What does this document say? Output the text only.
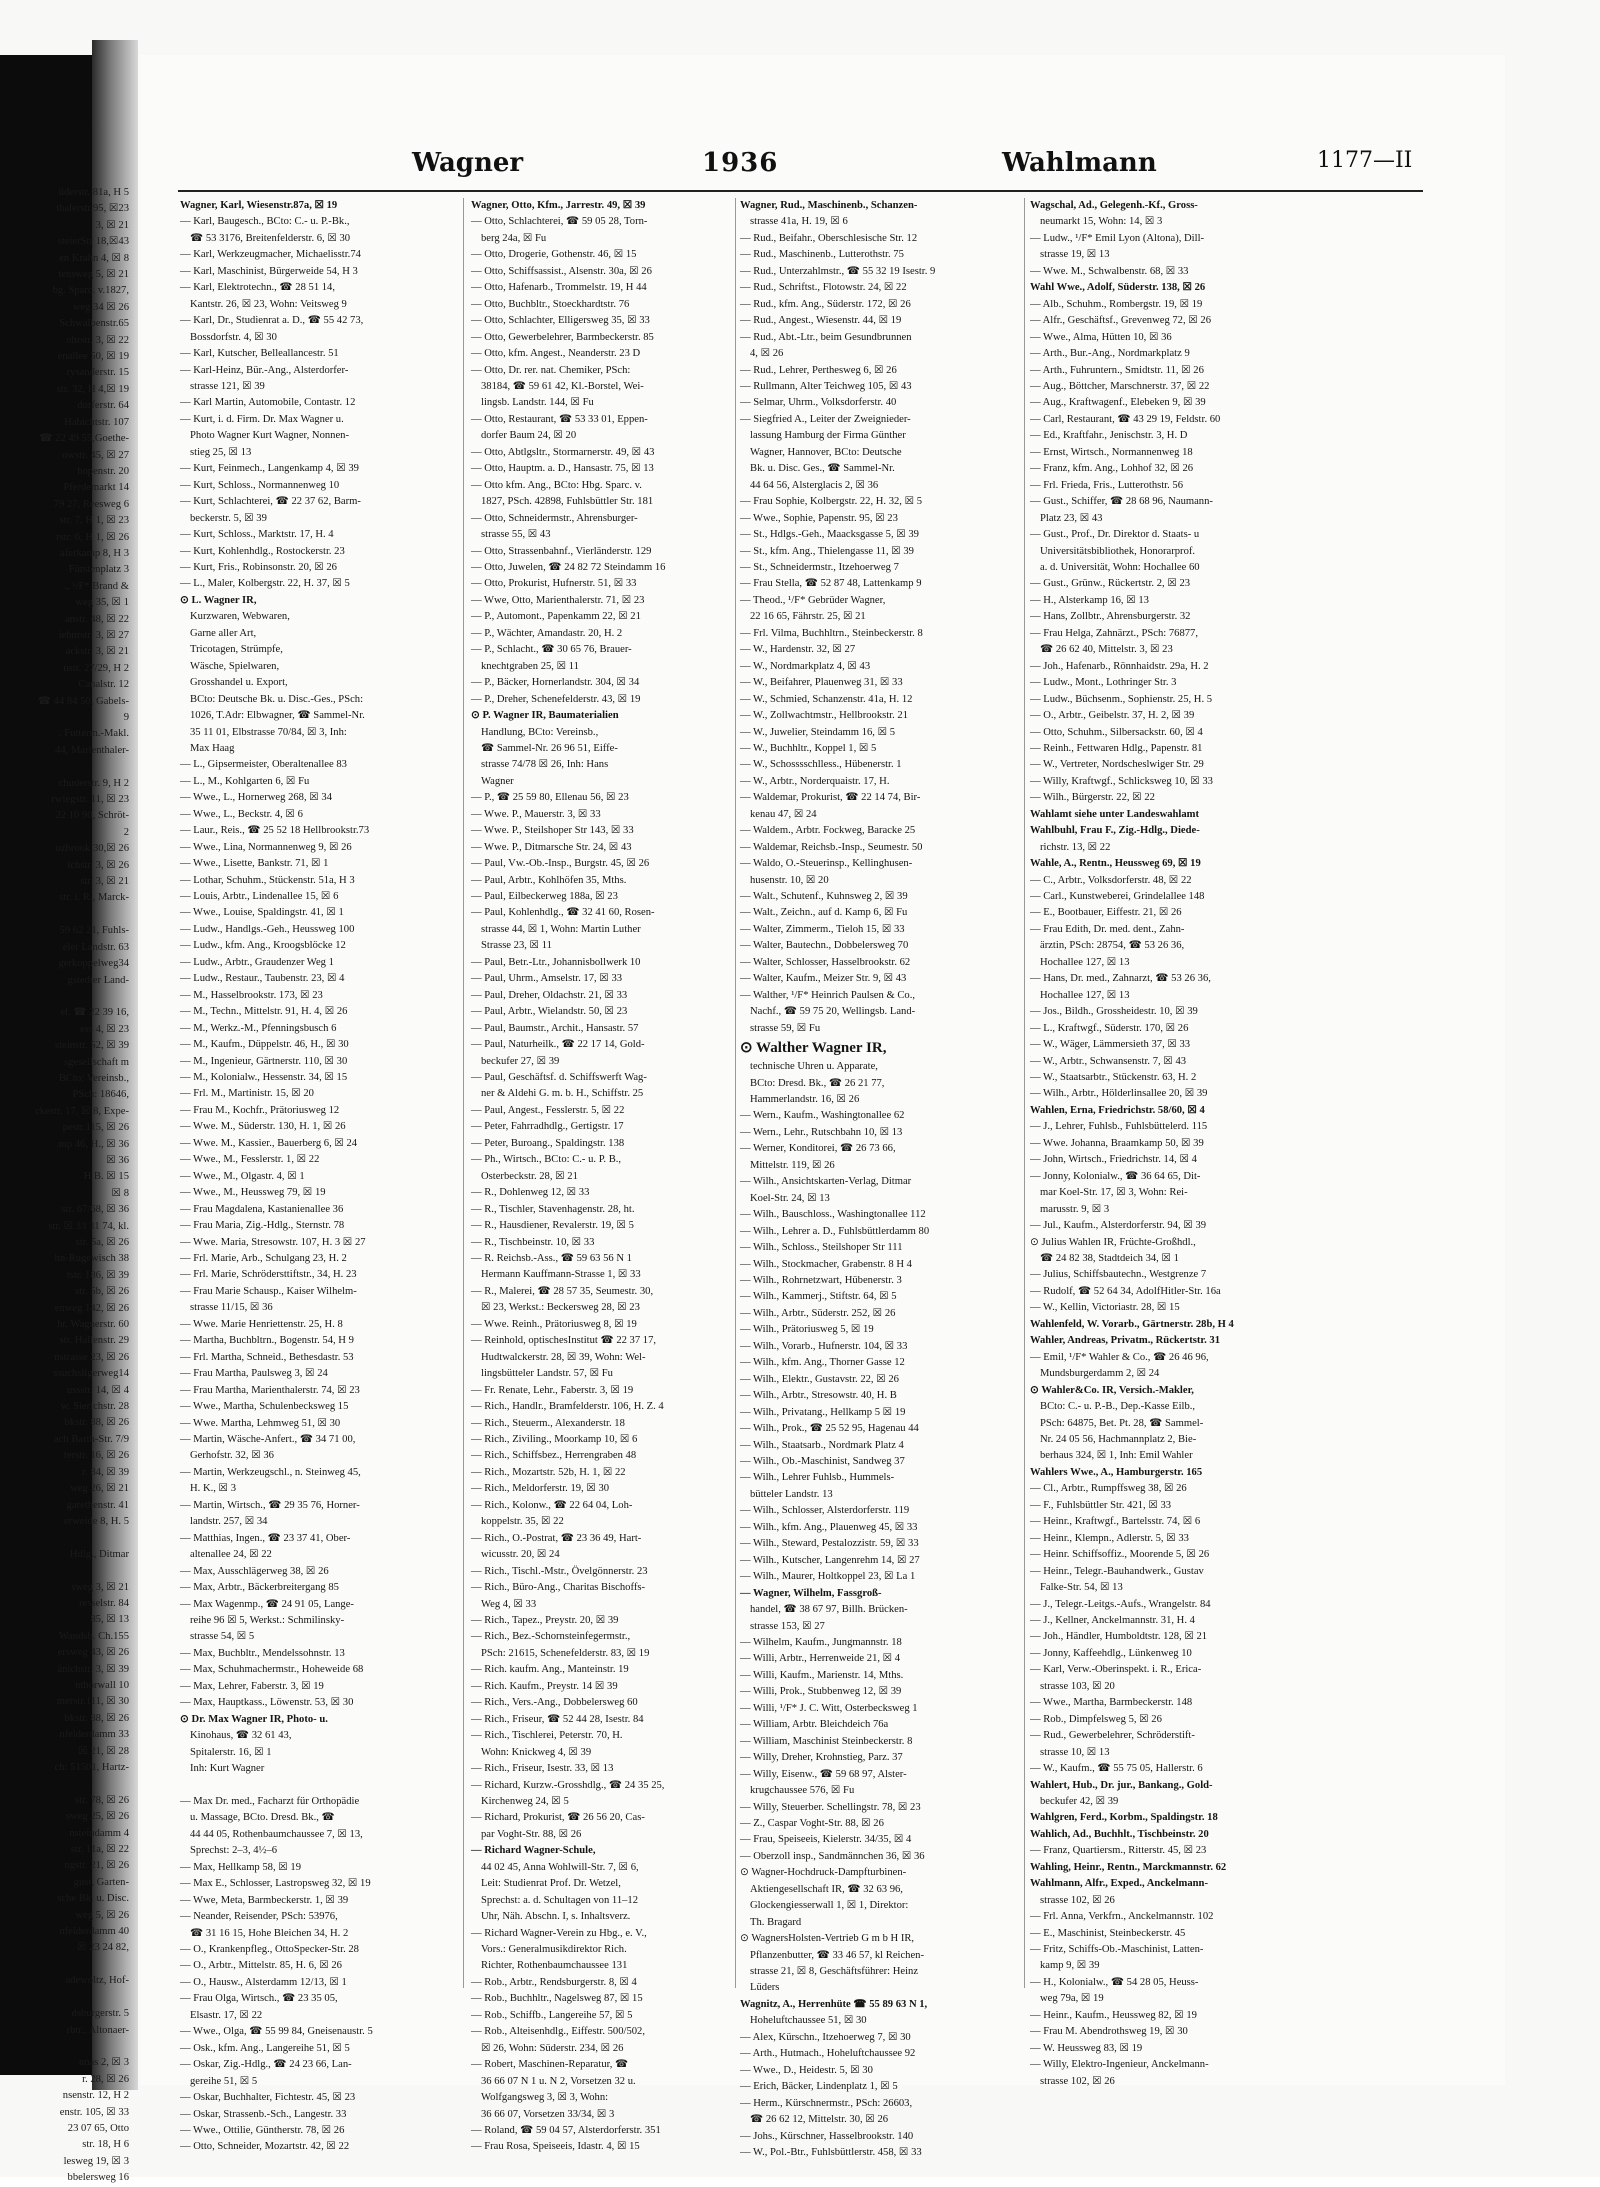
üderstr. 81a, H 5
thalerstr.95, ☒23
3, ☒ 21
steierStr 18,☒43
en Krahn 4, ☒ 8
tensweg 5, ☒ 21
bg. Sparc. v.1827,
weg 34 ☒ 26
Schwalbenstr.65
ohrstr. 3, ☒ 22
enallee 50, ☒ 19
rysanderstr. 15
str. 32, H 4,☒ 19
dorferstr. 64
Habichtstr. 107
☎ 22 49 55,Goethe-
owstr. 45, ☒ 27
hopenstr. 20
Pferdemarkt 14
79 27, Reesweg 6
str. 7, H 1, ☒ 23
rstr. 6, H 1, ☒ 26
aferkamp 8, H 3
Fürstenplatz 3
., ¹/F* Brand &
weg 35, ☒ 1
anstr. 48, ☒ 22
ieburstr. 3, ☒ 27
ackstr. 3, ☒ 21
nstr. 27/29, H 2
Canalstr. 12
☎ 44 84 50, Gabels-
9
. Futterm.-Makl.
44, Marienthaler-

chuderstr. 9, H 2
rwiegstr. 11, ☒ 23
22 10 90, Schröt-
2
uzbrook 30,☒ 26
ichstr. 3, ☒ 26
str. 3, ☒ 21
str. i. R., Marck-

59 62 21, Fuhls-
eler Landstr. 63
gerkoppelweg34
gstedter Land-

el. ☎ 22 39 16,
ess 4, ☒ 23
steinstr. 52, ☒ 39
sgesellschaft m
BCto: Vereinsb.,
PSch: 18646,
ckestr. 17, ☒ 8, Expe-
pestr.115, ☒ 26
mp 46, H., ☒ 36
☒ 36
H B. ☒ 15
☒ 8
str. 67/68, ☒ 36
str. ☒ 33 31 74, kl.
str. 5a, ☒ 26
hn-Rugewisch 38
tstr. 186, ☒ 39
str. 5b, ☒ 26
enweg 142, ☒ 26
hr. Wagnerstr. 60
str. Hallenstr. 29
nstrasse 23, ☒ 26
ssuchsligerweg14
ussstr. 14, ☒ 4
w. Sierichstr. 28
bkstr. 88, ☒ 26
ach Barth-Str. 7/9
terstr. 16, ☒ 26
r. 84, ☒ 39
weg 26, ☒ 21
garethenstr. 41
erweide 8, H. 5

Hdlg., Ditmar

sweg 3, ☒ 21
resselstr. 84
85, ☒ 13
Wandsb. Ch.155
ersweg 43, ☒ 26
änichstr. 3, ☒ 39
nthorwall 10
merstr.111, ☒ 30
bkstr. 88, ☒ 26
nfelderdamm 33
☒ 21, ☒ 28
ch: 51501, Hartz-

str. 78, ☒ 26
sweg 25, ☒ 26
nsteindamm 4
str. 11a, ☒ 22
ngstr. 21, ☒ 26
gust, Garten-
sche Bk. u. Disc.
weg 5, ☒ 26
nfelderdamm 40
☒ 23 24 82,

adewoltz, Hof-

dsburgerstr. 5
rbtr., Altonaer-

nnas 2, ☒ 3
r. 28, ☒ 26
nsenstr. 12, H 2
enstr. 105, ☒ 33
23 07 65, Otto
str. 18, H 6
lesweg 19, ☒ 3
bbelersweg 16
Wagner	1936	Wahlmann	1177—II
Wagner, Karl, Wiesenstr.87a, ☒ 19
— Karl, Baugesch., BCto: C.- u. P.-Bk.,
☎ 53 3176, Breitenfelderstr. 6, ☒ 30
— Karl, Werkzeugmacher, Michaelisstr.74
— Karl, Maschinist, Bürgerweide 54, H 3
— Karl, Elektrotechn., ☎ 28 51 14,
Kantstr. 26, ☒ 23, Wohn: Veitsweg 9
— Karl, Dr., Studienrat a. D., ☎ 55 42 73,
Bossdorfstr. 4, ☒ 30
— Karl, Kutscher, Belleallancestr. 51
— Karl-Heinz, Bür.-Ang., Alsterdorfer-
strasse 121, ☒ 39
— Karl Martin, Automobile, Contastr. 12
— Kurt, i. d. Firm. Dr. Max Wagner u.
Photo Wagner Kurt Wagner, Nonnen-
stieg 25, ☒ 13
— Kurt, Feinmech., Langenkamp 4, ☒ 39
— Kurt, Schloss., Normannenweg 10
— Kurt, Schlachterei, ☎ 22 37 62, Barm-
beckerstr. 5, ☒ 39
— Kurt, Schloss., Marktstr. 17, H. 4
— Kurt, Kohlenhdlg., Rostockerstr. 23
— Kurt, Fris., Robinsonstr. 20, ☒ 26
— L., Maler, Kolbergstr. 22, H. 37, ☒ 5
⊙ L. Wagner IR,
Kurzwaren, Webwaren,
Garne aller Art,
Tricotagen, Strümpfe,
Wäsche, Spielwaren,
Grosshandel u. Export,
BCto: Deutsche Bk. u. Disc.-Ges., PSch:
1026, T.Adr: Elbwagner, ☎ Sammel-Nr.
35 11 01, Elbstrasse 70/84, ☒ 3, Inh:
Max Haag
— L., Gipsermeister, Oberaltenallee 83
— L., M., Kohlgarten 6, ☒ Fu
— Wwe., L., Hornerweg 268, ☒ 34
— Wwe., L., Beckstr. 4, ☒ 6
— Laur., Reis., ☎ 25 52 18 Hellbrookstr.73
— Wwe., Lina, Normannenweg 9, ☒ 26
— Wwe., Lisette, Bankstr. 71, ☒ 1
— Lothar, Schuhm., Stückenstr. 51a, H 3
— Louis, Arbtr., Lindenallee 15, ☒ 6
— Wwe., Louise, Spaldingstr. 41, ☒ 1
— Ludw., Handlgs.-Geh., Heussweg 100
— Ludw., kfm. Ang., Kroogsblöcke 12
— Ludw., Arbtr., Graudenzer Weg 1
— Ludw., Restaur., Taubenstr. 23, ☒ 4
— M., Hasselbrookstr. 173, ☒ 23
— M., Techn., Mittelstr. 91, H. 4, ☒ 26
— M., Werkz.-M., Pfenningsbusch 6
— M., Kaufm., Düppelstr. 46, H., ☒ 30
— M., Ingenieur, Gärtnerstr. 110, ☒ 30
— M., Kolonialw., Hessenstr. 34, ☒ 15
— Frl. M., Martinistr. 15, ☒ 20
— Frau M., Kochfr., Prätoriusweg 12
— Wwe. M., Süderstr. 130, H. 1, ☒ 26
— Wwe. M., Kassier., Bauerberg 6, ☒ 24
— Wwe., M., Fesslerstr. 1, ☒ 22
— Wwe., M., Olgastr. 4, ☒ 1
— Wwe., M., Heussweg 79, ☒ 19
— Frau Magdalena, Kastanienallee 36
— Frau Maria, Zig.-Hdlg., Sternstr. 78
— Wwe. Maria, Stresowstr. 107, H. 3 ☒ 27
— Frl. Marie, Arb., Schulgang 23, H. 2
— Frl. Marie, Schrödersttiftstr., 34, H. 23
— Frau Marie Schausp., Kaiser Wilhelm-
strasse 11/15, ☒ 36
— Wwe. Marie Henriettenstr. 25, H. 8
— Martha, Buchbltrn., Bogenstr. 54, H 9
— Frl. Martha, Schneid., Bethesdastr. 53
— Frau Martha, Paulsweg 3, ☒ 24
— Frau Martha, Marienthalerstr. 74, ☒ 23
— Wwe., Martha, Schulenbecksweg 15
— Wwe. Martha, Lehmweg 51, ☒ 30
— Martin, Wäsche-Anfert., ☎ 34 71 00,
Gerhofstr. 32, ☒ 36
— Martin, Werkzeugschl., n. Steinweg 45,
H. K., ☒ 3
— Martin, Wirtsch., ☎ 29 35 76, Horner-
landstr. 257, ☒ 34
— Matthias, Ingen., ☎ 23 37 41, Ober-
altenallee 24, ☒ 22
— Max, Ausschlägerweg 38, ☒ 26
— Max, Arbtr., Bäckerbreitergang 85
— Max Wagenmp., ☎ 24 91 05, Lange-
reihe 96 ☒ 5, Werkst.: Schmilinsky-
strasse 54, ☒ 5
— Max, Buchbltr., Mendelssohnstr. 13
— Max, Schuhmachermstr., Hoheweide 68
— Max, Lehrer, Faberstr. 3, ☒ 19
— Max, Hauptkass., Löwenstr. 53, ☒ 30
⊙ Dr. Max Wagner IR, Photo- u.
Kinohaus, ☎ 32 61 43,
Spitalerstr. 16, ☒ 1
Inh: Kurt Wagner

— Max Dr. med., Facharzt für Orthopädie
u. Massage, BCto. Dresd. Bk., ☎
44 44 05, Rothenbaumchaussee 7, ☒ 13,
Sprechst: 2–3, 4½–6
— Max, Hellkamp 58, ☒ 19
— Max E., Schlosser, Lastropsweg 32, ☒ 19
— Wwe, Meta, Barmbeckerstr. 1, ☒ 39
— Neander, Reisender, PSch: 53976,
☎ 31 16 15, Hohe Bleichen 34, H. 2
— O., Krankenpfleg., OttoSpecker-Str. 28
— O., Arbtr., Mittelstr. 85, H. 6, ☒ 26
— O., Hausw., Alsterdamm 12/13, ☒ 1
— Frau Olga, Wirtsch., ☎ 23 35 05,
Elsastr. 17, ☒ 22
— Wwe., Olga, ☎ 55 99 84, Gneisenaustr. 5
— Osk., kfm. Ang., Langereihe 51, ☒ 5
— Oskar, Zig.-Hdlg., ☎ 24 23 66, Lan-
gereihe 51, ☒ 5
— Oskar, Buchhalter, Fichtestr. 45, ☒ 23
— Oskar, Strassenb.-Sch., Langestr. 33
— Wwe., Ottilie, Güntherstr. 78, ☒ 26
— Otto, Schneider, Mozartstr. 42, ☒ 22
Wagner, Otto, Kfm., Jarrestr. 49, ☒ 39
— Otto, Schlachterei, ☎ 59 05 28, Torn-
berg 24a, ☒ Fu
— Otto, Drogerie, Gothenstr. 46, ☒ 15
— Otto, Schiffsassist., Alsenstr. 30a, ☒ 26
— Otto, Hafenarb., Trommelstr. 19, H 44
— Otto, Buchbltr., Stoeckhardtstr. 76
— Otto, Schlachter, Elligersweg 35, ☒ 33
— Otto, Gewerbelehrer, Barmbeckerstr. 85
— Otto, kfm. Angest., Neanderstr. 23 D
— Otto, Dr. rer. nat. Chemiker, PSch:
38184, ☎ 59 61 42, Kl.-Borstel, Wei-
lingsb. Landstr. 144, ☒ Fu
— Otto, Restaurant, ☎ 53 33 01, Eppen-
dorfer Baum 24, ☒ 20
— Otto, Abtlgsltr., Stormarnerstr. 49, ☒ 43
— Otto, Hauptm. a. D., Hansastr. 75, ☒ 13
— Otto kfm. Ang., BCto: Hbg. Sparc. v.
1827, PSch. 42898, Fuhlsbüttler Str. 181
— Otto, Schneidermstr., Ahrensburger-
strasse 55, ☒ 43
— Otto, Strassenbahnf., Vierländerstr. 129
— Otto, Juwelen, ☎ 24 82 72 Steindamm 16
— Otto, Prokurist, Hufnerstr. 51, ☒ 33
— Wwe, Otto, Marienthalerstr. 71, ☒ 23
— P., Automont., Papenkamm 22, ☒ 21
— P., Wächter, Amandastr. 20, H. 2
— P., Schlacht., ☎ 30 65 76, Brauer-
knechtgraben 25, ☒ 11
— P., Bäcker, Hornerlandstr. 304, ☒ 34
— P., Dreher, Schenefelderstr. 43, ☒ 19
⊙ P. Wagner IR, Baumaterialien
Handlung, BCto: Vereinsb.,
☎ Sammel-Nr. 26 96 51, Eiffe-
strasse 74/78 ☒ 26, Inh: Hans
Wagner
— P., ☎ 25 59 80, Ellenau 56, ☒ 23
— Wwe. P., Mauerstr. 3, ☒ 33
— Wwe. P., Steilshoper Str 143, ☒ 33
— Wwe. P., Ditmarsche Str. 24, ☒ 43
— Paul, Vw.-Ob.-Insp., Burgstr. 45, ☒ 26
— Paul, Arbtr., Kohlhöfen 35, Mths.
— Paul, Eilbeckerweg 188a, ☒ 23
— Paul, Kohlenhdlg., ☎ 32 41 60, Rosen-
strasse 44, ☒ 1, Wohn: Martin Luther
Strasse 23, ☒ 11
— Paul, Betr.-Ltr., Johannisbollwerk 10
— Paul, Uhrm., Amselstr. 17, ☒ 33
— Paul, Dreher, Oldachstr. 21, ☒ 33
— Paul, Arbtr., Wielandstr. 50, ☒ 23
— Paul, Baumstr., Archit., Hansastr. 57
— Paul, Naturheilk., ☎ 22 17 14, Gold-
beckufer 27, ☒ 39
— Paul, Geschäftsf. d. Schiffswerft Wag-
ner & Aldehi G. m. b. H., Schiffstr. 25
— Paul, Angest., Fesslerstr. 5, ☒ 22
— Peter, Fahrradhdlg., Gertigstr. 17
— Peter, Buroang., Spaldingstr. 138
— Ph., Wirtsch., BCto: C.- u. P. B.,
Osterbeckstr. 28, ☒ 21
— R., Dohlenweg 12, ☒ 33
— R., Tischler, Stavenhagenstr. 28, ht.
— R., Hausdiener, Revalerstr. 19, ☒ 5
— R., Tischbeinstr. 10, ☒ 33
— R. Reichsb.-Ass., ☎ 59 63 56 N 1
Hermann Kauffmann-Strasse 1, ☒ 33
— R., Malerei, ☎ 28 57 35, Seumestr. 30,
☒ 23, Werkst.: Beckersweg 28, ☒ 23
— Wwe. Reinh., Prätoriusweg 8, ☒ 19
— Reinhold, optischesInstitut ☎ 22 37 17,
Hudtwalckerstr. 28, ☒ 39, Wohn: Wel-
lingsbütteler Landstr. 57, ☒ Fu
— Fr. Renate, Lehr., Faberstr. 3, ☒ 19
— Rich., Handlr., Bramfelderstr. 106, H. Z. 4
— Rich., Steuerm., Alexanderstr. 18
— Rich., Ziviling., Moorkamp 10, ☒ 6
— Rich., Schiffsbez., Herrengraben 48
— Rich., Mozartstr. 52b, H. 1, ☒ 22
— Rich., Meldorferstr. 19, ☒ 30
— Rich., Kolonw., ☎ 22 64 04, Loh-
koppelstr. 35, ☒ 22
— Rich., O.-Postrat, ☎ 23 36 49, Hart-
wicusstr. 20, ☒ 24
— Rich., Tischl.-Mstr., Övelgönnerstr. 23
— Rich., Büro-Ang., Charitas Bischoffs-
Weg 4, ☒ 33
— Rich., Tapez., Preystr. 20, ☒ 39
— Rich., Bez.-Schornsteinfegermstr.,
PSch: 21615, Schenefelderstr. 83, ☒ 19
— Rich. kaufm. Ang., Manteinstr. 19
— Rich. Kaufm., Preystr. 14 ☒ 39
— Rich., Vers.-Ang., Dobbelersweg 60
— Rich., Friseur, ☎ 52 44 28, Isestr. 84
— Rich., Tischlerei, Peterstr. 70, H.
Wohn: Knickweg 4, ☒ 39
— Rich., Friseur, Isestr. 33, ☒ 13
— Richard, Kurzw.-Grosshdlg., ☎ 24 35 25,
Kirchenweg 24, ☒ 5
— Richard, Prokurist, ☎ 26 56 20, Cas-
par Voght-Str. 88, ☒ 26
— Richard Wagner-Schule,
44 02 45, Anna Wohlwill-Str. 7, ☒ 6,
Leit: Studienrat Prof. Dr. Wetzel,
Sprechst: a. d. Schultagen von 11–12
Uhr, Näh. Abschn. I, s. Inhaltsverz.
— Richard Wagner-Verein zu Hbg., e. V.,
Vors.: Generalmusikdirektor Rich.
Richter, Rothenbaumchaussee 131
— Rob., Arbtr., Rendsburgerstr. 8, ☒ 4
— Rob., Buchhltr., Nagelsweg 87, ☒ 15
— Rob., Schiffb., Langereihe 57, ☒ 5
— Rob., Alteisenhdlg., Eiffestr. 500/502,
☒ 26, Wohn: Süderstr. 234, ☒ 26
— Robert, Maschinen-Reparatur, ☎
36 66 07 N 1 u. N 2, Vorsetzen 32 u.
Wolfgangsweg 3, ☒ 3, Wohn:
36 66 07, Vorsetzen 33/34, ☒ 3
— Roland, ☎ 59 04 57, Alsterdorferstr. 351
— Frau Rosa, Speiseeis, Idastr. 4, ☒ 15
Wagner, Rud., Maschinenb., Schanzen-
strasse 41a, H. 19, ☒ 6
— Rud., Beifahr., Oberschlesische Str. 12
— Rud., Maschinenb., Lutterothstr. 75
— Rud., Unterzahlmstr., ☎ 55 32 19 Isestr. 9
— Rud., Schriftst., Flotowstr. 24, ☒ 22
— Rud., kfm. Ang., Süderstr. 172, ☒ 26
— Rud., Angest., Wiesenstr. 44, ☒ 19
— Rud., Abt.-Ltr., beim Gesundbrunnen
4, ☒ 26
— Rud., Lehrer, Perthesweg 6, ☒ 26
— Rullmann, Alter Teichweg 105, ☒ 43
— Selmar, Uhrm., Volksdorferstr. 40
— Siegfried A., Leiter der Zweignieder-
lassung Hamburg der Firma Günther
Wagner, Hannover, BCto: Deutsche
Bk. u. Disc. Ges., ☎ Sammel-Nr.
44 64 56, Alsterglacis 2, ☒ 36
— Frau Sophie, Kolbergstr. 22, H. 32, ☒ 5
— Wwe., Sophie, Papenstr. 95, ☒ 23
— St., Hdlgs.-Geh., Maacksgasse 5, ☒ 39
— St., kfm. Ang., Thielengasse 11, ☒ 39
— St., Schneidermstr., Itzehoerweg 7
— Frau Stella, ☎ 52 87 48, Lattenkamp 9
— Theod., ¹/F* Gebrüder Wagner,
22 16 65, Fährstr. 25, ☒ 21
— Frl. Vilma, Buchhltrn., Steinbeckerstr. 8
— W., Hardenstr. 32, ☒ 27
— W., Nordmarkplatz 4, ☒ 43
— W., Beifahrer, Plauenweg 31, ☒ 33
— W., Schmied, Schanzenstr. 41a, H. 12
— W., Zollwachtmstr., Hellbrookstr. 21
— W., Juwelier, Steindamm 16, ☒ 5
— W., Buchhltr., Koppel 1, ☒ 5
— W., Schosssschlless., Hübenerstr. 1
— W., Arbtr., Norderquaistr. 17, H.
— Waldemar, Prokurist, ☎ 22 14 74, Bir-
kenau 47, ☒ 24
— Waldem., Arbtr. Fockweg, Baracke 25
— Waldemar, Reichsb.-Insp., Seumestr. 50
— Waldo, O.-Steuerinsp., Kellinghusen-
husenstr. 10, ☒ 20
— Walt., Schutenf., Kuhnsweg 2, ☒ 39
— Walt., Zeichn., auf d. Kamp 6, ☒ Fu
— Walter, Zimmerm., Tieloh 15, ☒ 33
— Walter, Bautechn., Dobbelersweg 70
— Walter, Schlosser, Hasselbrookstr. 62
— Walter, Kaufm., Meizer Str. 9, ☒ 43
— Walther, ¹/F* Heinrich Paulsen & Co.,
Nachf., ☎ 59 75 20, Wellingsb. Land-
strasse 59, ☒ Fu
⊙ Walther Wagner IR,
technische Uhren u. Apparate,
BCto: Dresd. Bk., ☎ 26 21 77,
Hammerlandstr. 16, ☒ 26
— Wern., Kaufm., Washingtonallee 62
— Wern., Lehr., Rutschbahn 10, ☒ 13
— Werner, Konditorei, ☎ 26 73 66,
Mittelstr. 119, ☒ 26
— Wilh., Ansichtskarten-Verlag, Ditmar
Koel-Str. 24, ☒ 13
— Wilh., Bauschloss., Washingtonallee 112
— Wilh., Lehrer a. D., Fuhlsbüttlerdamm 80
— Wilh., Schloss., Steilshoper Str 111
— Wilh., Stockmacher, Grabenstr. 8 H 4
— Wilh., Rohrnetzwart, Hübenerstr. 3
— Wilh., Kammerj., Stiftstr. 64, ☒ 5
— Wilh., Arbtr., Süderstr. 252, ☒ 26
— Wilh., Prätoriusweg 5, ☒ 19
— Wilh., Vorarb., Hufnerstr. 104, ☒ 33
— Wilh., kfm. Ang., Thorner Gasse 12
— Wilh., Elektr., Gustavstr. 22, ☒ 26
— Wilh., Arbtr., Stresowstr. 40, H. B
— Wilh., Privatang., Hellkamp 5 ☒ 19
— Wilh., Prok., ☎ 25 52 95, Hagenau 44
— Wilh., Staatsarb., Nordmark Platz 4
— Wilh., Ob.-Maschinist, Sandweg 37
— Wilh., Lehrer Fuhlsb., Hummels-
bütteler Landstr. 13
— Wilh., Schlosser, Alsterdorferstr. 119
— Wilh., kfm. Ang., Plauenweg 45, ☒ 33
— Wilh., Steward, Pestalozzistr. 59, ☒ 33
— Wilh., Kutscher, Langenrehm 14, ☒ 27
— Wilh., Maurer, Holtkoppel 23, ☒ La 1
— Wagner, Wilhelm, Fassgroß-
handel, ☎ 38 67 97, Billh. Brücken-
strasse 153, ☒ 27
— Wilhelm, Kaufm., Jungmannstr. 18
— Willi, Arbtr., Herrenweide 21, ☒ 4
— Willi, Kaufm., Marienstr. 14, Mths.
— Willi, Prok., Stubbenweg 12, ☒ 39
— Willi, ¹/F* J. C. Witt, Osterbecksweg 1
— William, Arbtr. Bleichdeich 76a
— William, Maschinist Steinbeckerstr. 8
— Willy, Dreher, Krohnstieg, Parz. 37
— Willy, Eisenw., ☎ 59 68 97, Alster-
krugchaussee 576, ☒ Fu
— Willy, Steuerber. Schellingstr. 78, ☒ 23
— Z., Caspar Voght-Str. 88, ☒ 26
— Frau, Speiseeis, Kielerstr. 34/35, ☒ 4
— Oberzoll insp., Sandmännchen 36, ☒ 36
⊙ Wagner-Hochdruck-Dampfturbinen-
Aktiengesellschaft IR, ☎ 32 63 96,
Glockengiesserwall 1, ☒ 1, Direktor:
Th. Bragard
⊙ WagnersHolsten-Vertrieb G m b H IR,
Pflanzenbutter, ☎ 33 46 57, kl Reichen-
strasse 21, ☒ 8, Geschäftsführer: Heinz
Lüders
Wagnitz, A., Herrenhüte ☎ 55 89 63 N 1,
Hoheluftchaussee 51, ☒ 30
— Alex, Kürschn., Itzehoerweg 7, ☒ 30
— Arth., Hutmach., Hoheluftchaussee 92
— Wwe., D., Heidestr. 5, ☒ 30
— Erich, Bäcker, Lindenplatz 1, ☒ 5
— Herm., Kürschnermstr., PSch: 26603,
☎ 26 62 12, Mittelstr. 30, ☒ 26
— Johs., Kürschner, Hasselbrookstr. 140
— W., Pol.-Btr., Fuhlsbüttlerstr. 458, ☒ 33
Wagschal, Ad., Gelegenh.-Kf., Gross-
neumarkt 15, Wohn: 14, ☒ 3
— Ludw., ¹/F* Emil Lyon (Altona), Dill-
strasse 19, ☒ 13
— Wwe. M., Schwalbenstr. 68, ☒ 33
Wahl Wwe., Adolf, Süderstr. 138, ☒ 26
— Alb., Schuhm., Rombergstr. 19, ☒ 19
— Alfr., Geschäftsf., Grevenweg 72, ☒ 26
— Wwe., Alma, Hütten 10, ☒ 36
— Arth., Bur.-Ang., Nordmarkplatz 9
— Arth., Fuhruntern., Smidtstr. 11, ☒ 26
— Aug., Böttcher, Marschnerstr. 37, ☒ 22
— Aug., Kraftwagenf., Elebeken 9, ☒ 39
— Carl, Restaurant, ☎ 43 29 19, Feldstr. 60
— Ed., Kraftfahr., Jenischstr. 3, H. D
— Ernst, Wirtsch., Normannenweg 18
— Franz, kfm. Ang., Lohhof 32, ☒ 26
— Frl. Frieda, Fris., Lutterothstr. 56
— Gust., Schiffer, ☎ 28 68 96, Naumann-
Platz 23, ☒ 43
— Gust., Prof., Dr. Direktor d. Staats- u
Universitätsbibliothek, Honorarprof.
a. d. Universität, Wohn: Hochallee 60
— Gust., Grünw., Rückertstr. 2, ☒ 23
— H., Alsterkamp 16, ☒ 13
— Hans, Zollbtr., Ahrensburgerstr. 32
— Frau Helga, Zahnärzt., PSch: 76877,
☎ 26 62 40, Mittelstr. 3, ☒ 23
— Joh., Hafenarb., Rönnhaidstr. 29a, H. 2
— Ludw., Mont., Lothringer Str. 3
— Ludw., Büchsenm., Sophienstr. 25, H. 5
— O., Arbtr., Geibelstr. 37, H. 2, ☒ 39
— Otto, Schuhm., Silbersackstr. 60, ☒ 4
— Reinh., Fettwaren Hdlg., Papenstr. 81
— W., Vertreter, Nordscheslwiger Str. 29
— Willy, Kraftwgf., Schlicksweg 10, ☒ 33
— Wilh., Bürgerstr. 22, ☒ 22
Wahlamt siehe unter Landeswahlamt
Wahlbuhl, Frau F., Zig.-Hdlg., Diede-
richstr. 13, ☒ 22
Wahle, A., Rentn., Heussweg 69, ☒ 19
— C., Arbtr., Volksdorferstr. 48, ☒ 22
— Carl., Kunstweberei, Grindelallee 148
— E., Bootbauer, Eiffestr. 21, ☒ 26
— Frau Edith, Dr. med. dent., Zahn-
ärztin, PSch: 28754, ☎ 53 26 36,
Hochallee 127, ☒ 13
— Hans, Dr. med., Zahnarzt, ☎ 53 26 36,
Hochallee 127, ☒ 13
— Jos., Bildh., Grossheidestr. 10, ☒ 39
— L., Kraftwgf., Süderstr. 170, ☒ 26
— W., Wäger, Lämmersieth 37, ☒ 33
— W., Arbtr., Schwansenstr. 7, ☒ 43
— W., Staatsarbtr., Stückenstr. 63, H. 2
— Wilh., Arbtr., Hölderlinsallee 20, ☒ 39
Wahlen, Erna, Friedrichstr. 58/60, ☒ 4
— J., Lehrer, Fuhlsb., Fuhlsbüttelerd. 115
— Wwe. Johanna, Braamkamp 50, ☒ 39
— John, Wirtsch., Friedrichstr. 14, ☒ 4
— Jonny, Kolonialw., ☎ 36 64 65, Dit-
mar Koel-Str. 17, ☒ 3, Wohn: Rei-
marusstr. 9, ☒ 3
— Jul., Kaufm., Alsterdorferstr. 94, ☒ 39
⊙ Julius Wahlen IR, Früchte-Großhdl.,
☎ 24 82 38, Stadtdeich 34, ☒ 1
— Julius, Schiffsbautechn., Westgrenze 7
— Rudolf, ☎ 52 64 34, AdolfHitler-Str. 16a
— W., Kellin, Victoriastr. 28, ☒ 15
Wahlenfeld, W. Vorarb., Gärtnerstr. 28b, H 4
Wahler, Andreas, Privatm., Rückertstr. 31
— Emil, ¹/F* Wahler & Co., ☎ 26 46 96,
Mundsburgerdamm 2, ☒ 24
⊙ Wahler&Co. IR, Versich.-Makler,
BCto: C.- u. P.-B., Dep.-Kasse Eilb.,
PSch: 64875, Bet. Pt. 28, ☎ Sammel-
Nr. 24 05 56, Hachmannplatz 2, Bie-
berhaus 324, ☒ 1, Inh: Emil Wahler
Wahlers Wwe., A., Hamburgerstr. 165
— Cl., Arbtr., Rumpffsweg 38, ☒ 26
— F., Fuhlsbüttler Str. 421, ☒ 33
— Heinr., Kraftwgf., Bartelsstr. 74, ☒ 6
— Heinr., Klempn., Adlerstr. 5, ☒ 33
— Heinr. Schiffsoffiz., Moorende 5, ☒ 26
— Heinr., Telegr.-Bauhandwerk., Gustav
Falke-Str. 54, ☒ 13
— J., Telegr.-Leitgs.-Aufs., Wrangelstr. 84
— J., Kellner, Anckelmannstr. 31, H. 4
— Joh., Händler, Humboldtstr. 128, ☒ 21
— Jonny, Kaffeehdlg., Lünkenweg 10
— Karl, Verw.-Oberinspekt. i. R., Erica-
strasse 103, ☒ 20
— Wwe., Martha, Barmbeckerstr. 148
— Rob., Dimpfelsweg 5, ☒ 26
— Rud., Gewerbelehrer, Schröderstift-
strasse 10, ☒ 13
— W., Kaufm., ☎ 55 75 05, Hallerstr. 6
Wahlert, Hub., Dr. jur., Bankang., Gold-
beckufer 42, ☒ 39
Wahlgren, Ferd., Korbm., Spaldingstr. 18
Wahlich, Ad., Buchhlt., Tischbeinstr. 20
— Franz, Quartiersm., Ritterstr. 45, ☒ 23
Wahling, Heinr., Rentn., Marckmannstr. 62
Wahlmann, Alfr., Exped., Anckelmann-
strasse 102, ☒ 26
— Frl. Anna, Verkfrn., Anckelmannstr. 102
— E., Maschinist, Steinbeckerstr. 45
— Fritz, Schiffs-Ob.-Maschinist, Latten-
kamp 9, ☒ 39
— H., Kolonialw., ☎ 54 28 05, Heuss-
weg 79a, ☒ 19
— Heinr., Kaufm., Heussweg 82, ☒ 19
— Frau M. Abendrothsweg 19, ☒ 30
— W. Heussweg 83, ☒ 19
— Willy, Elektro-Ingenieur, Anckelmann-
strasse 102, ☒ 26
